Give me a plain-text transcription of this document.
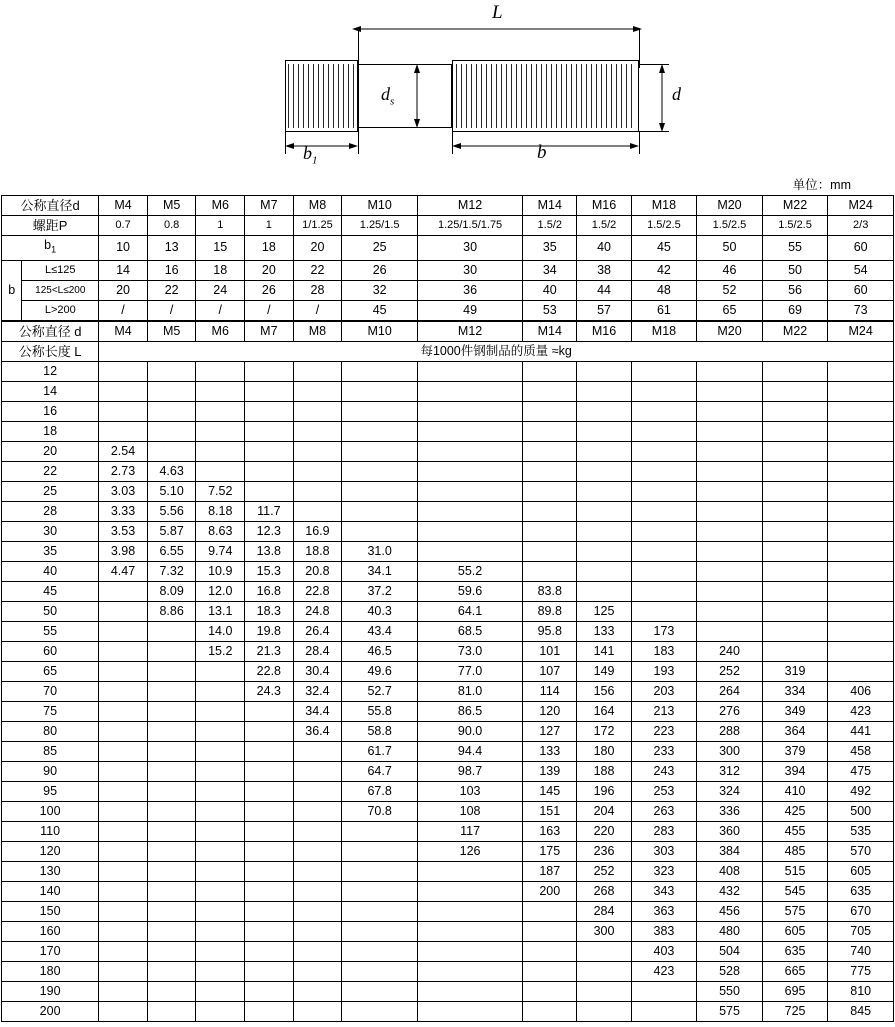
L
$d_s$	d
$b_1$	b
单位：mm
公称直径d		M4	M5	M6	M7	M8	M10	M12	M14	M16	M18	M20	M22	M24
螺距P		0.7	0.8	1	1	1/1.25	1.25/1.5	1.25/1.5/1.75	1.5/2	1.5/2	1.5/2.5	1.5/2.5	1.5/2.5	2/3
$b_1$		10	13	15	18	20	25	30	35	40	45	50	55	60
b	L≤125	14	16	18	20	22	26	30	34	38	42	46	50	54
	125<L≤200	20	22	24	26	28	32	36	40	44	48	52	56	60
	L>200	/	/	/	/	/	45	49	53	57	61	65	69	73
公称直径 d	M4	M5	M6	M7	M8	M10	M12	M14	M16	M18	M20	M22	M24
公称长度 L	每1000件钢制品的质量 ≈kg												
12													
14													
16													
18													
20	2.54												
22	2.73	4.63											
25	3.03	5.10	7.52										
28	3.33	5.56	8.18	11.7									
30	3.53	5.87	8.63	12.3	16.9								
35	3.98	6.55	9.74	13.8	18.8	31.0							
40	4.47	7.32	10.9	15.3	20.8	34.1	55.2						
45		8.09	12.0	16.8	22.8	37.2	59.6	83.8					
50		8.86	13.1	18.3	24.8	40.3	64.1	89.8	125				
55			14.0	19.8	26.4	43.4	68.5	95.8	133	173			
60			15.2	21.3	28.4	46.5	73.0	101	141	183	240		
65				22.8	30.4	49.6	77.0	107	149	193	252	319	
70				24.3	32.4	52.7	81.0	114	156	203	264	334	406
75					34.4	55.8	86.5	120	164	213	276	349	423
80					36.4	58.8	90.0	127	172	223	288	364	441
85						61.7	94.4	133	180	233	300	379	458
90						64.7	98.7	139	188	243	312	394	475
95						67.8	103	145	196	253	324	410	492
100						70.8	108	151	204	263	336	425	500
110							117	163	220	283	360	455	535
120							126	175	236	303	384	485	570
130								187	252	323	408	515	605
140								200	268	343	432	545	635
150									284	363	456	575	670
160									300	383	480	605	705
170										403	504	635	740
180										423	528	665	775
190											550	695	810
200											575	725	845
